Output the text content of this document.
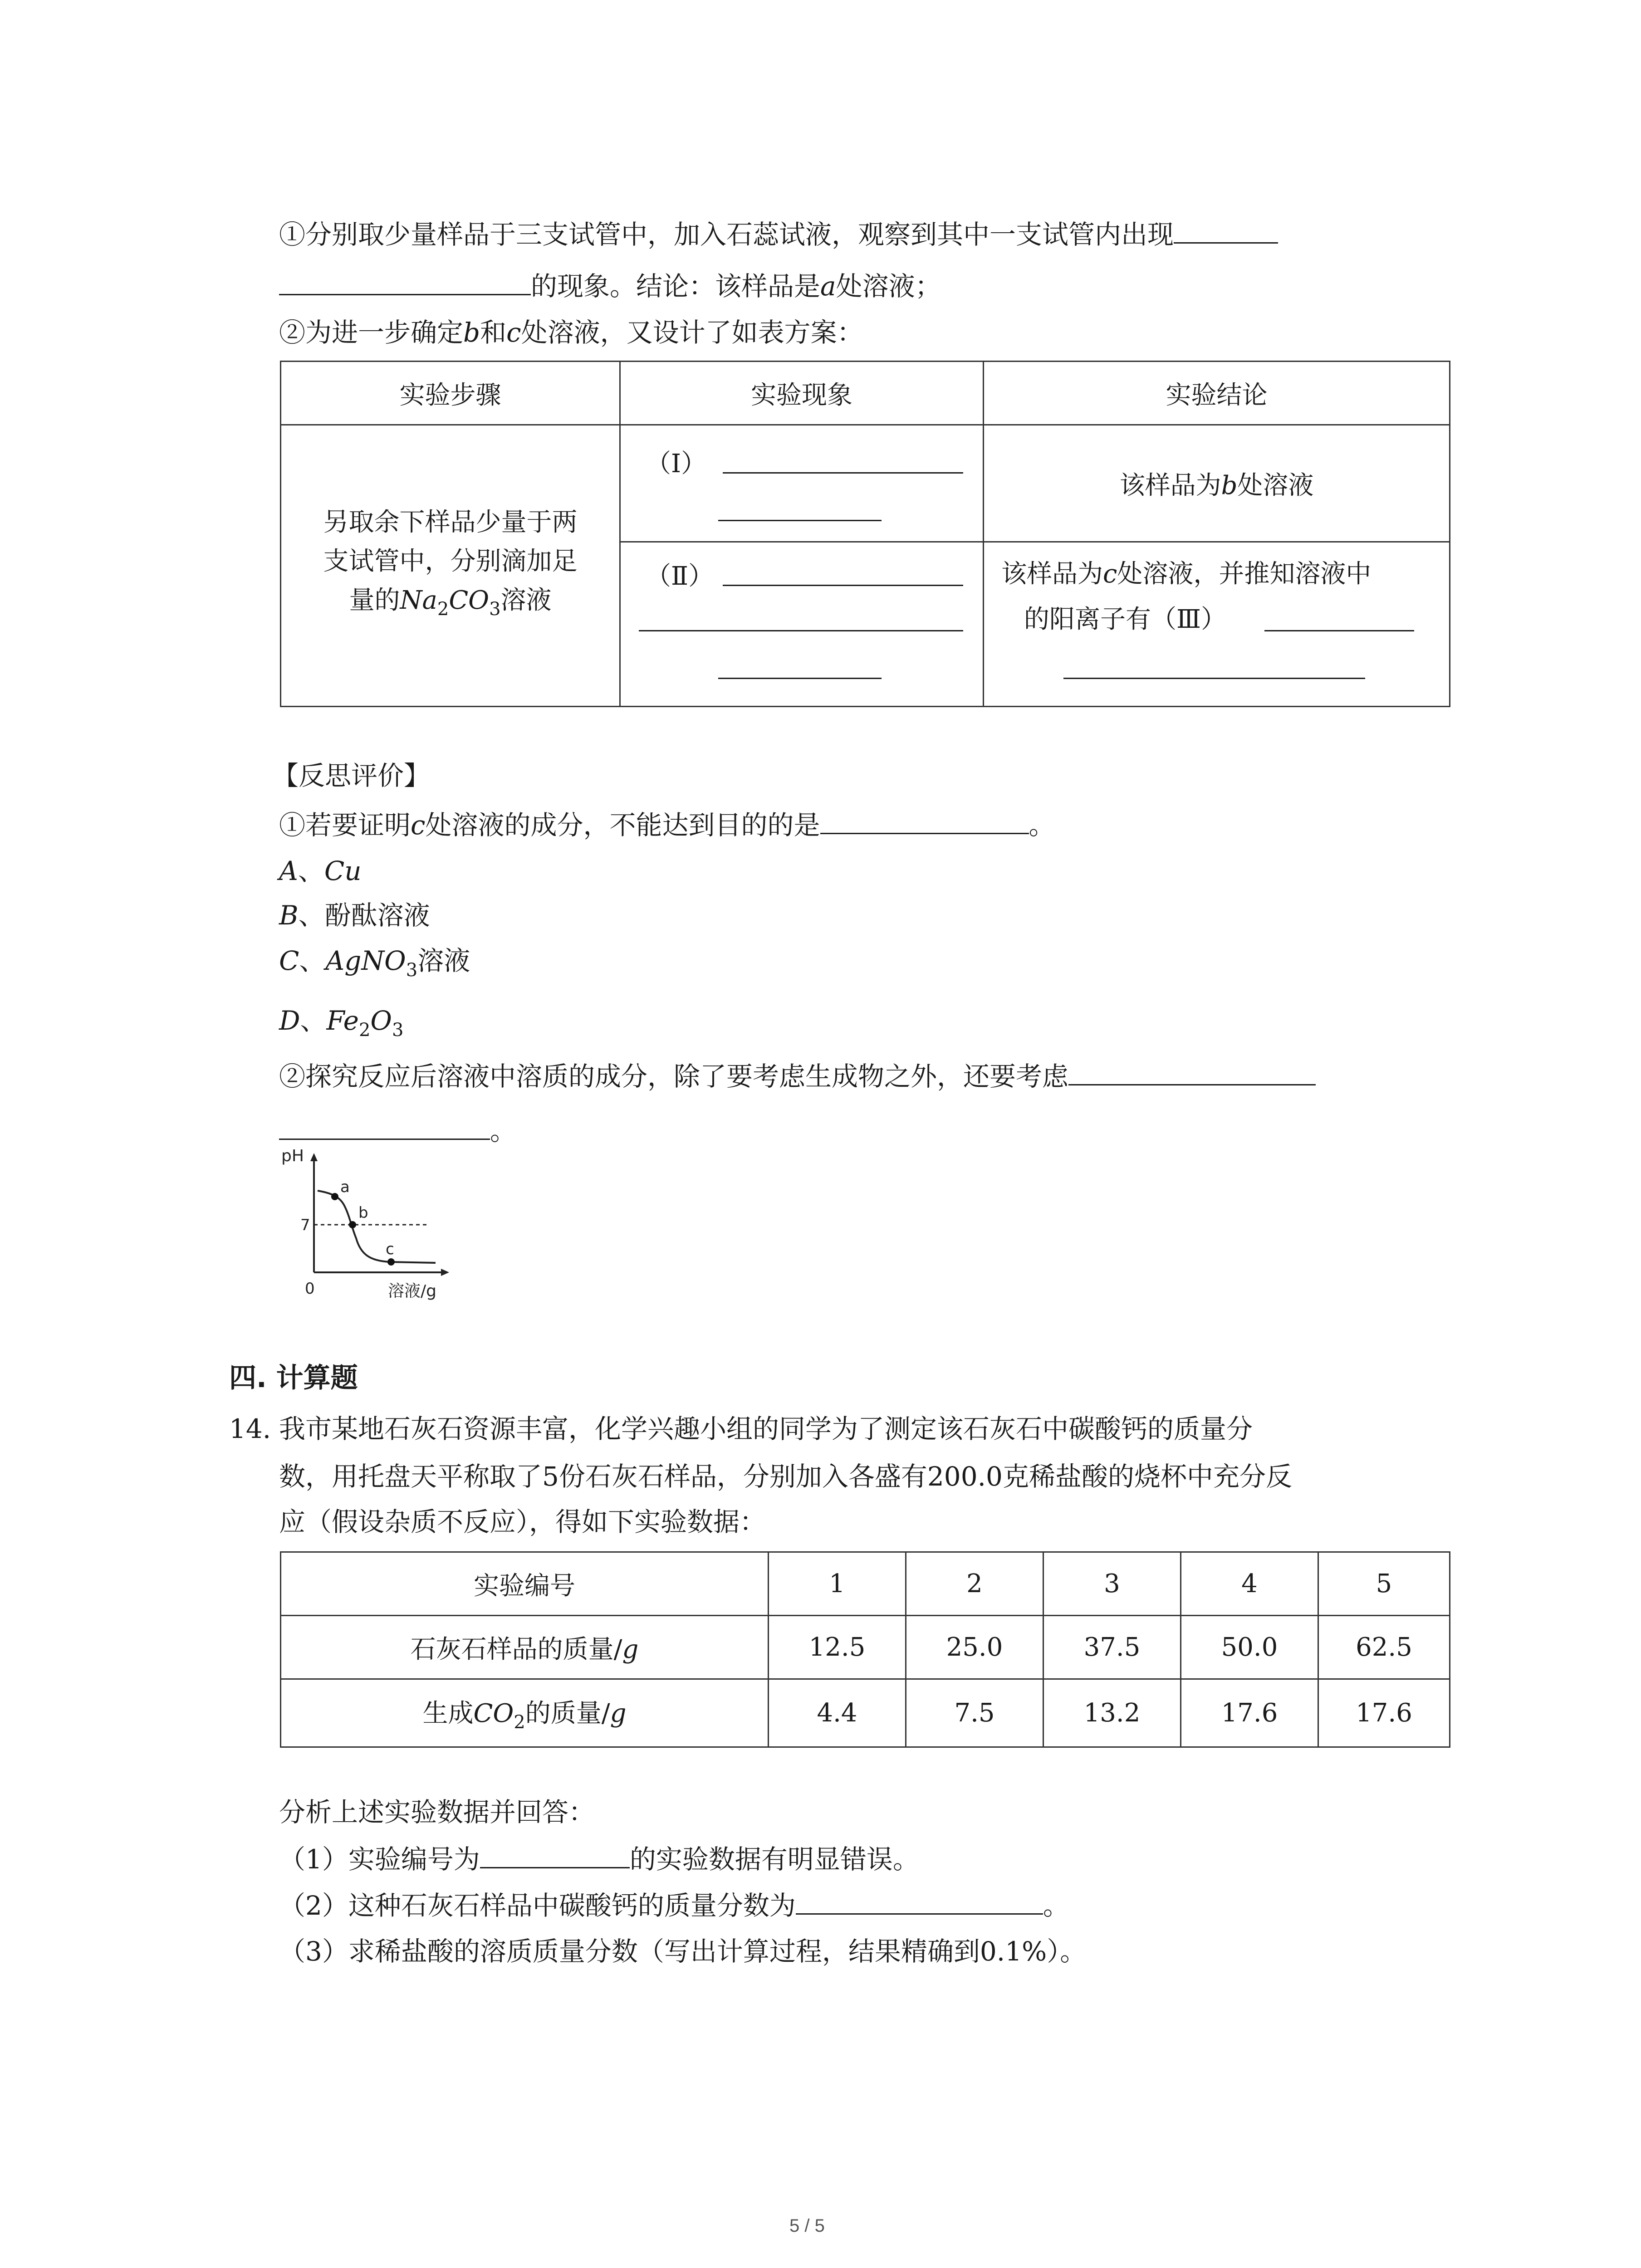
①分别取少量样品于三支试管中，加入石蕊试液，观察到其中一支试管内出现
的现象。结论：该样品是a处溶液；
②为进一步确定b和c处溶液，又设计了如表方案：
实验步骤	实验现象	实验结论

另取余下样品少量于两
支试管中，分别滴加足
量的$Na_2CO_3$溶液	（Ⅰ）	该样品为b处溶液

	（Ⅱ）	该样品为c处溶液，并推知溶液中
的阳离子有（Ⅲ）
【反思评价】
①若要证明c处溶液的成分，不能达到目的的是	。
A、Cu
B、酚酞溶液
C、AgNO$_3$溶液
D、$Fe_2O_3$
②探究反应后溶液中溶质的成分，除了要考虑生成物之外，还要考虑
。
pH
7
0	溶液/g
a
b
c
四. 计算题
14. 我市某地石灰石资源丰富，化学兴趣小组的同学为了测定该石灰石中碳酸钙的质量分
数，用托盘天平称取了5份石灰石样品，分别加入各盛有200.0克稀盐酸的烧杯中充分反
应（假设杂质不反应），得如下实验数据：
实验编号	1	2	3	4	5
石灰石样品的质量/g	12.5	25.0	37.5	50.0	62.5
生成$CO_2$的质量/g	4.4	7.5	13.2	17.6	17.6
分析上述实验数据并回答：
（1）实验编号为	的实验数据有明显错误。
（2）这种石灰石样品中碳酸钙的质量分数为	。
（3）求稀盐酸的溶质质量分数（写出计算过程，结果精确到0.1%）。
5 / 5
